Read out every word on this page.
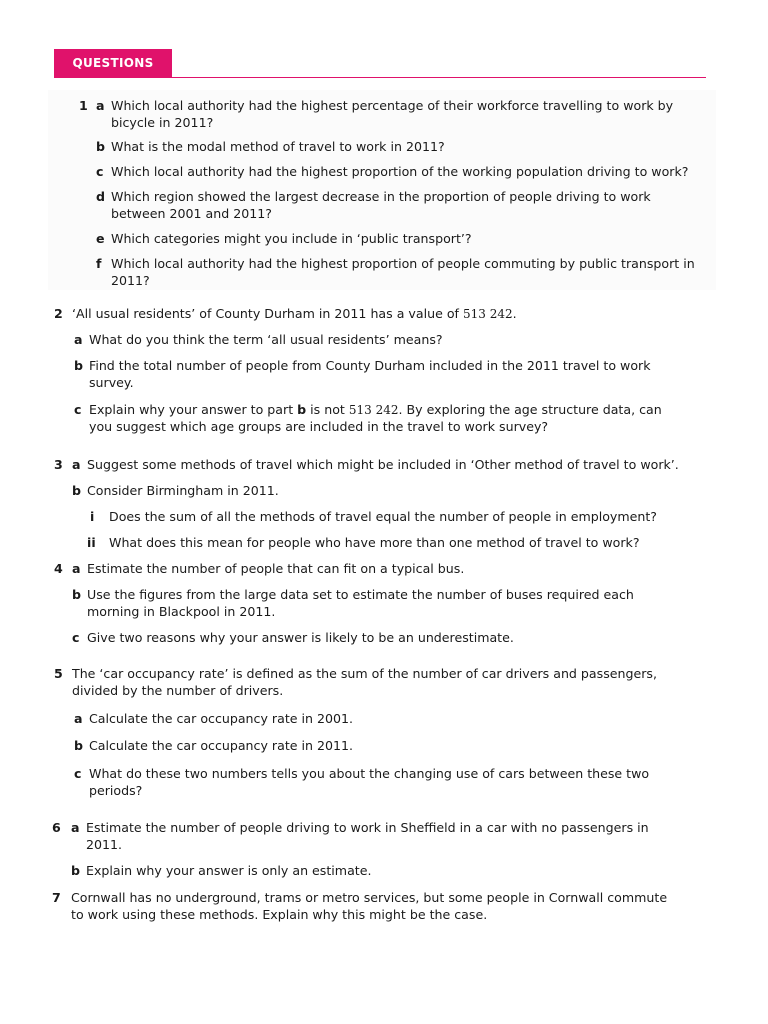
QUESTIONS
1 a Which local authority had the highest percentage of their workforce travelling to work by
bicycle in 2011?
b What is the modal method of travel to work in 2011?
c Which local authority had the highest proportion of the working population driving to work?
d Which region showed the largest decrease in the proportion of people driving to work
between 2001 and 2011?
e Which categories might you include in ‘public transport’?
f Which local authority had the highest proportion of people commuting by public transport in
2011?
2 ‘All usual residents’ of County Durham in 2011 has a value of 513 242.
a What do you think the term ‘all usual residents’ means?
b Find the total number of people from County Durham included in the 2011 travel to work
survey.
c Explain why your answer to part b is not 513 242. By exploring the age structure data, can
you suggest which age groups are included in the travel to work survey?
3 a Suggest some methods of travel which might be included in ‘Other method of travel to work’.
b Consider Birmingham in 2011.
i Does the sum of all the methods of travel equal the number of people in employment?
ii What does this mean for people who have more than one method of travel to work?
4 a Estimate the number of people that can fit on a typical bus.
b Use the figures from the large data set to estimate the number of buses required each
morning in Blackpool in 2011.
c Give two reasons why your answer is likely to be an underestimate.
5 The ‘car occupancy rate’ is defined as the sum of the number of car drivers and passengers,
divided by the number of drivers.
a Calculate the car occupancy rate in 2001.
b Calculate the car occupancy rate in 2011.
c What do these two numbers tells you about the changing use of cars between these two
periods?
6 a Estimate the number of people driving to work in Sheffield in a car with no passengers in
2011.
b Explain why your answer is only an estimate.
7 Cornwall has no underground, trams or metro services, but some people in Cornwall commute
to work using these methods. Explain why this might be the case.
